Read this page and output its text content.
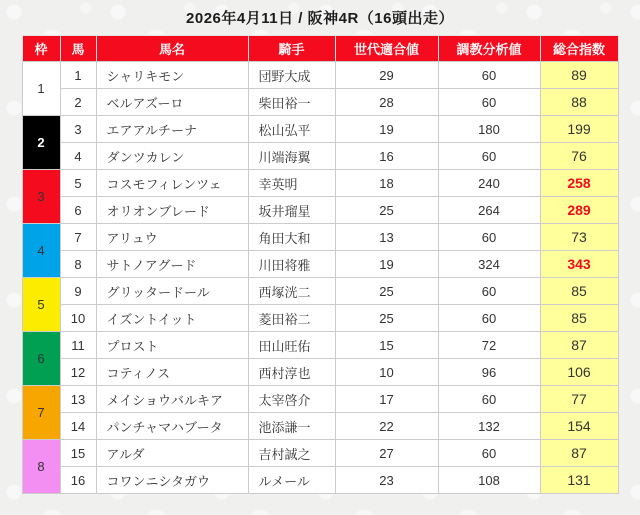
2026年4月11日 / 阪神4R（16頭出走）
枠	馬	馬名	騎手	世代適合値	調教分析値	総合指数
1	1	シャリキモン	団野大成	29	60	89
	2	ベルアズーロ	柴田裕一	28	60	88
2	3	エアアルチーナ	松山弘平	19	180	199
	4	ダンツカレン	川端海翼	16	60	76
3	5	コスモフィレンツェ	幸英明	18	240	258
	6	オリオンブレード	坂井瑠星	25	264	289
4	7	アリュウ	角田大和	13	60	73
	8	サトノアグード	川田将雅	19	324	343
5	9	グリッタードール	西塚洸二	25	60	85
	10	イズントイット	菱田裕二	25	60	85
6	11	プロスト	田山旺佑	15	72	87
	12	コティノス	西村淳也	10	96	106
7	13	メイショウバルキア	太宰啓介	17	60	77
	14	パンチャマハブータ	池添謙一	22	132	154
8	15	アルダ	吉村誠之	27	60	87
	16	コワンニシタガウ	ルメール	23	108	131
